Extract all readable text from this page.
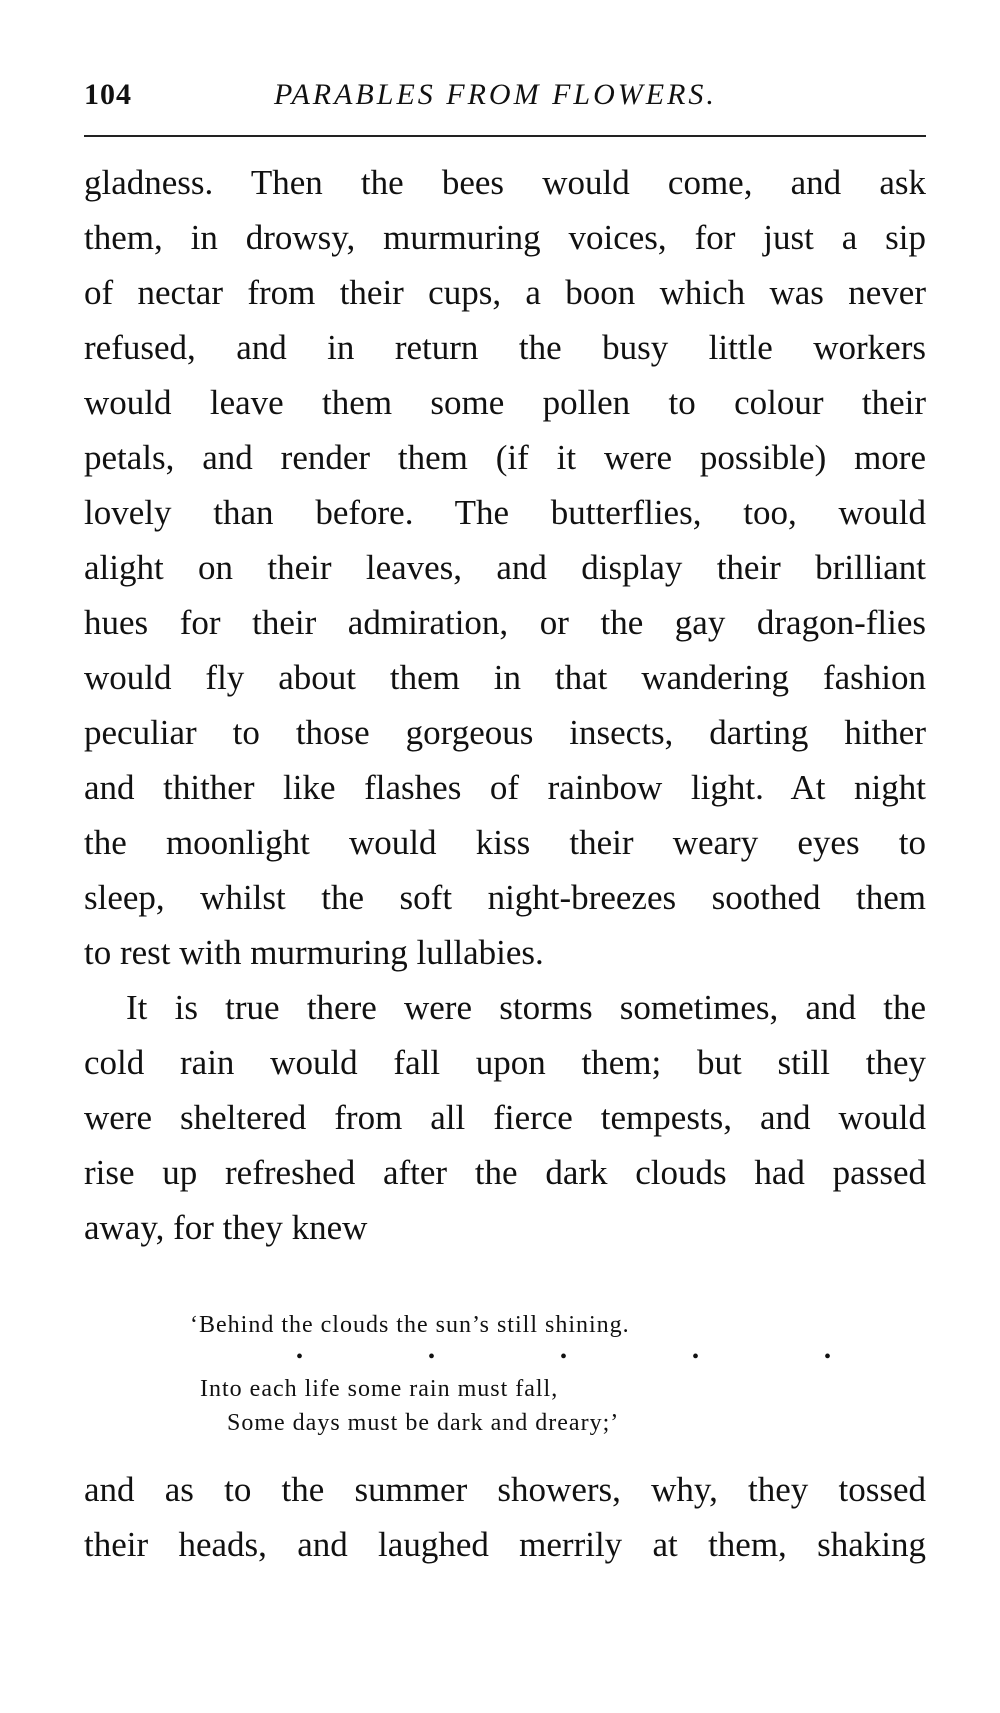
104	PARABLES FROM FLOWERS.
gladness. Then the bees would come, and ask
them, in drowsy, murmuring voices, for just a sip
of nectar from their cups, a boon which was never
refused, and in return the busy little workers
would leave them some pollen to colour their
petals, and render them (if it were possible) more
lovely than before. The butterflies, too, would
alight on their leaves, and display their brilliant
hues for their admiration, or the gay dragon-flies
would fly about them in that wandering fashion
peculiar to those gorgeous insects, darting hither
and thither like flashes of rainbow light. At night
the moonlight would kiss their weary eyes to
sleep, whilst the soft night-breezes soothed them
to rest with murmuring lullabies.
It is true there were storms sometimes, and the
cold rain would fall upon them; but still they
were sheltered from all fierce tempests, and would
rise up refreshed after the dark clouds had passed
away, for they knew
‘Behind the clouds the sun’s still shining.
• • • • •
Into each life some rain must fall,
Some days must be dark and dreary;’
and as to the summer showers, why, they tossed
their heads, and laughed merrily at them, shaking
